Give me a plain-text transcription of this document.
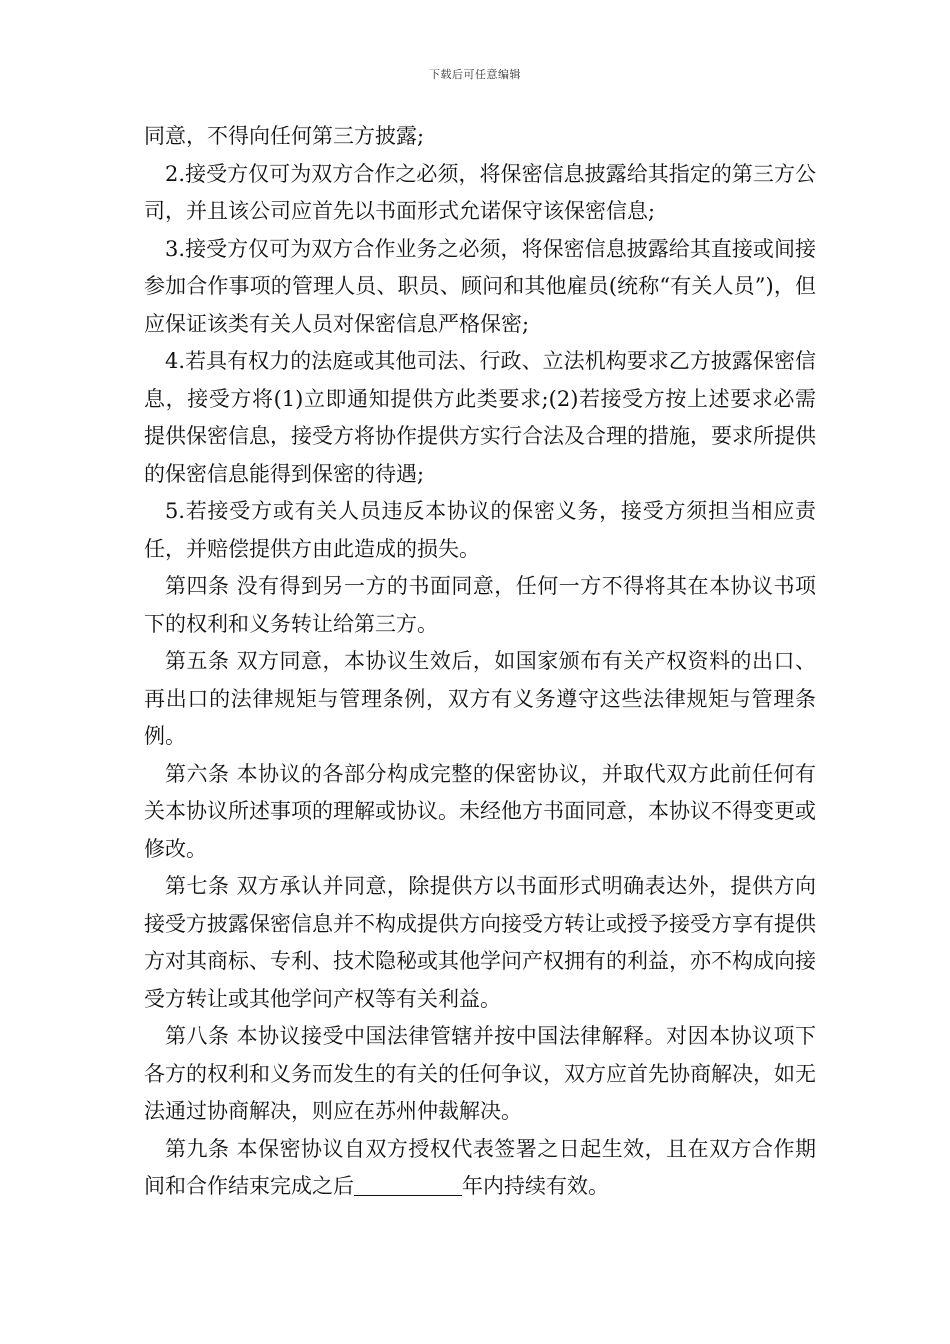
下载后可任意编辑

同意，不得向任何第三方披露;

2.接受方仅可为双方合作之必须，将保密信息披露给其指定的第三方公司，并且该公司应首先以书面形式允诺保守该保密信息;

3.接受方仅可为双方合作业务之必须，将保密信息披露给其直接或间接参加合作事项的管理人员、职员、顾问和其他雇员(统称“有关人员”)，但应保证该类有关人员对保密信息严格保密;

4.若具有权力的法庭或其他司法、行政、立法机构要求乙方披露保密信息，接受方将(1)立即通知提供方此类要求;(2)若接受方按上述要求必需提供保密信息，接受方将协作提供方实行合法及合理的措施，要求所提供的保密信息能得到保密的待遇;

5.若接受方或有关人员违反本协议的保密义务，接受方须担当相应责任，并赔偿提供方由此造成的损失。

第四条 没有得到另一方的书面同意，任何一方不得将其在本协议书项下的权利和义务转让给第三方。

第五条 双方同意，本协议生效后，如国家颁布有关产权资料的出口、再出口的法律规矩与管理条例，双方有义务遵守这些法律规矩与管理条例。

第六条 本协议的各部分构成完整的保密协议，并取代双方此前任何有关本协议所述事项的理解或协议。未经他方书面同意，本协议不得变更或修改。

第七条 双方承认并同意，除提供方以书面形式明确表达外，提供方向接受方披露保密信息并不构成提供方向接受方转让或授予接受方享有提供方对其商标、专利、技术隐秘或其他学问产权拥有的利益，亦不构成向接受方转让或其他学问产权等有关利益。

第八条 本协议接受中国法律管辖并按中国法律解释。对因本协议项下各方的权利和义务而发生的有关的任何争议，双方应首先协商解决，如无法通过协商解决，则应在苏州仲裁解决。

第九条 本保密协议自双方授权代表签署之日起生效，且在双方合作期间和合作结束完成之后	年内持续有效。
